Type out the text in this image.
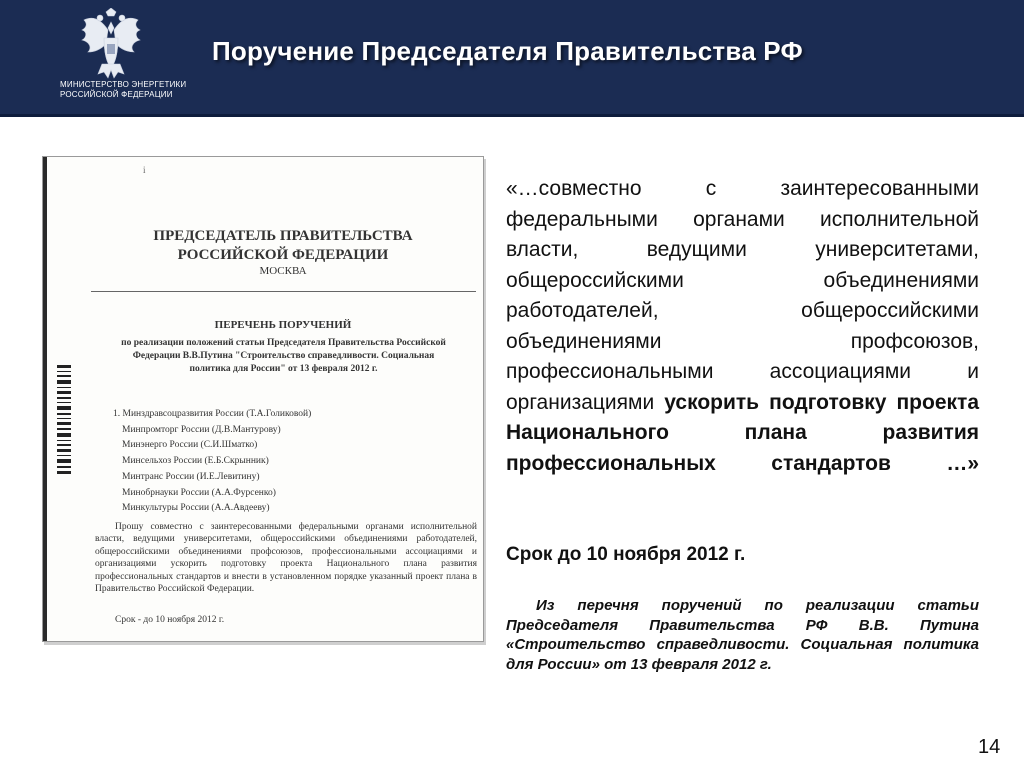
МИНИСТЕРСТВО ЭНЕРГЕТИКИ
РОССИЙСКОЙ ФЕДЕРАЦИИ
Поручение Председателя Правительства РФ
i
ПРЕДСЕДАТЕЛЬ ПРАВИТЕЛЬСТВА
РОССИЙСКОЙ ФЕДЕРАЦИИ
МОСКВА
ПЕРЕЧЕНЬ ПОРУЧЕНИЙ
по реализации положений статьи Председателя Правительства Российской
Федерации В.В.Путина "Строительство справедливости. Социальная
политика для России" от 13 февраля 2012 г.
1. Минздравсоцразвития России (Т.А.Голиковой)
Минпромторг России (Д.В.Мантурову)
Минэнерго России (С.И.Шматко)
Минсельхоз России (Е.Б.Скрынник)
Минтранс России (И.Е.Левитину)
Минобрнауки России (А.А.Фурсенко)
Минкультуры России (А.А.Авдееву)
Прошу совместно с заинтересованными федеральными органами исполнительной власти, ведущими университетами, общероссийскими объединениями работодателей, общероссийскими объединениями профсоюзов, профессиональными ассоциациями и организациями ускорить подготовку проекта Национального плана развития профессиональных стандартов и внести в установленном порядке указанный проект плана в Правительство Российской Федерации.
Срок - до 10 ноября 2012 г.
«…совместно с заинтересованными федеральными органами исполнительной власти, ведущими университетами, общероссийскими объединениями работодателей, общероссийскими объединениями профсоюзов, профессиональными ассоциациями и организациями ускорить подготовку проекта Национального плана развития профессиональных стандартов …»
Срок до 10 ноября 2012 г.
Из перечня поручений по реализации статьи Председателя Правительства РФ В.В. Путина «Строительство справедливости. Социальная политика для России» от 13 февраля 2012 г.
14
